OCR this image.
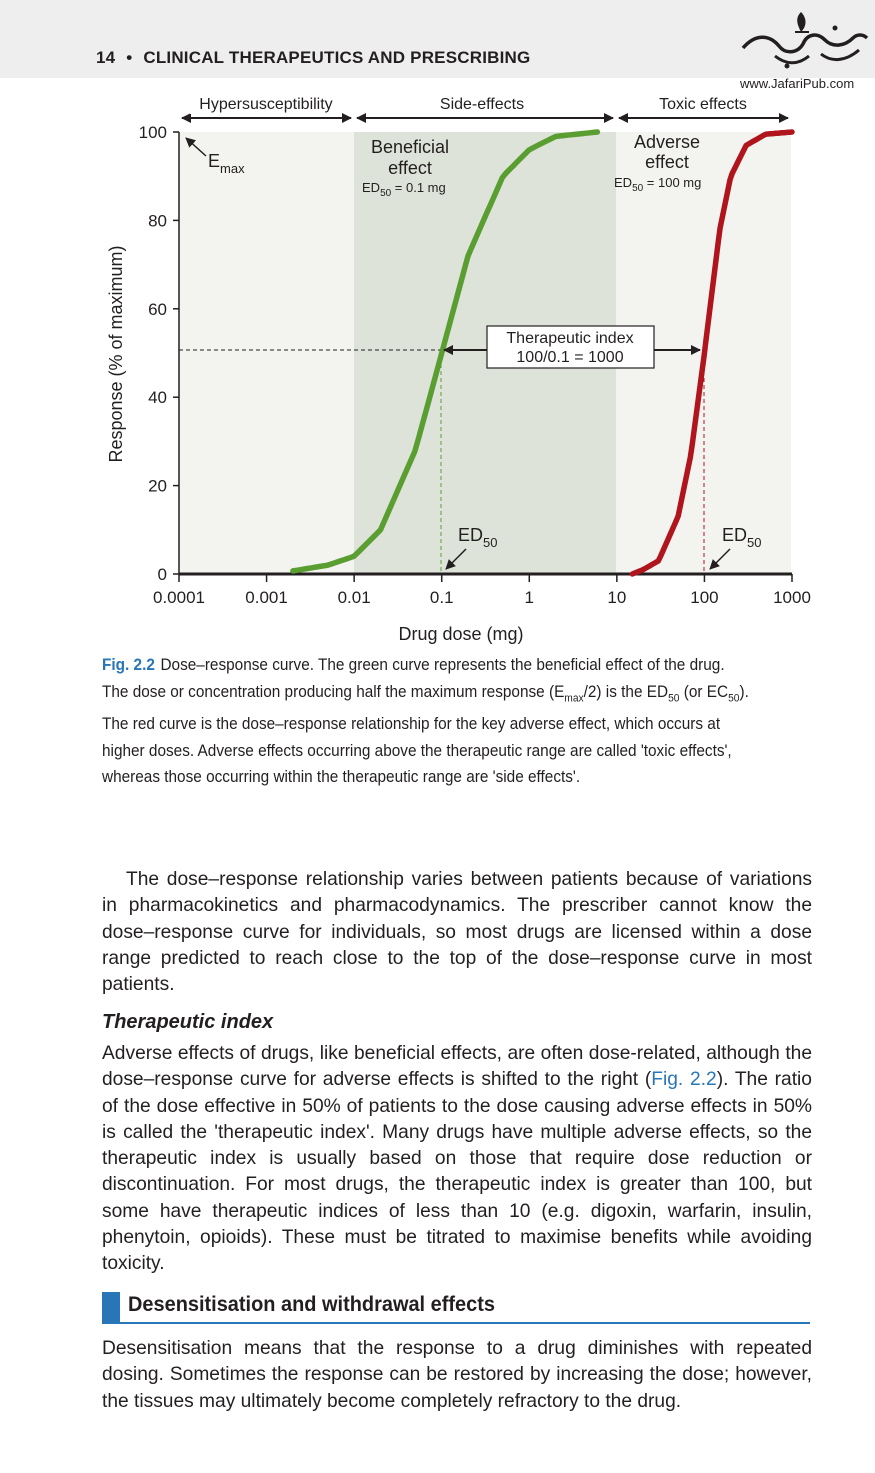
14 • CLINICAL THERAPEUTICS AND PRESCRIBING
www.JafariPub.com
Hypersusceptibility	Side-effects	Toxic effects
0
20
40
60
80
100
0.0001 0.001	0.01	0.1	1	10	100	1000
Response (% of maximum)
Drug dose (mg)
Therapeutic index
100/0.1 = 1000
$E_{max}$
Beneficial
effect
$ED_{50} = 0.1$ mg
Adverse
effect
$ED_{50} = 100$ mg
$ED_{50}$	$ED_{50}$
Fig. 2.2 Dose–response curve. The green curve represents the beneficial effect of the drug. The dose or concentration producing half the maximum response $(E_{max}/2)$ is the $ED_{50}$ (or $EC_{50}$). The red curve is the dose–response relationship for the key adverse effect, which occurs at higher doses. Adverse effects occurring above the therapeutic range are called 'toxic effects', whereas those occurring within the therapeutic range are 'side effects'.
The dose–response relationship varies between patients because of variations in pharmacokinetics and pharmacodynamics. The prescriber cannot know the dose–response curve for individuals, so most drugs are licensed within a dose range predicted to reach close to the top of the dose–response curve in most patients.
Therapeutic index
Adverse effects of drugs, like beneficial effects, are often dose-related, although the dose–response curve for adverse effects is shifted to the right (Fig. 2.2). The ratio of the dose effective in 50% of patients to the dose causing adverse effects in 50% is called the 'therapeutic index'. Many drugs have multiple adverse effects, so the therapeutic index is usually based on those that require dose reduction or discontinuation. For most drugs, the therapeutic index is greater than 100, but some have therapeutic indices of less than 10 (e.g. digoxin, warfarin, insulin, phenytoin, opioids). These must be titrated to maximise benefits while avoiding toxicity.
Desensitisation and withdrawal effects
Desensitisation means that the response to a drug diminishes with repeated dosing. Sometimes the response can be restored by increasing the dose; however, the tissues may ultimately become completely refractory to the drug.
